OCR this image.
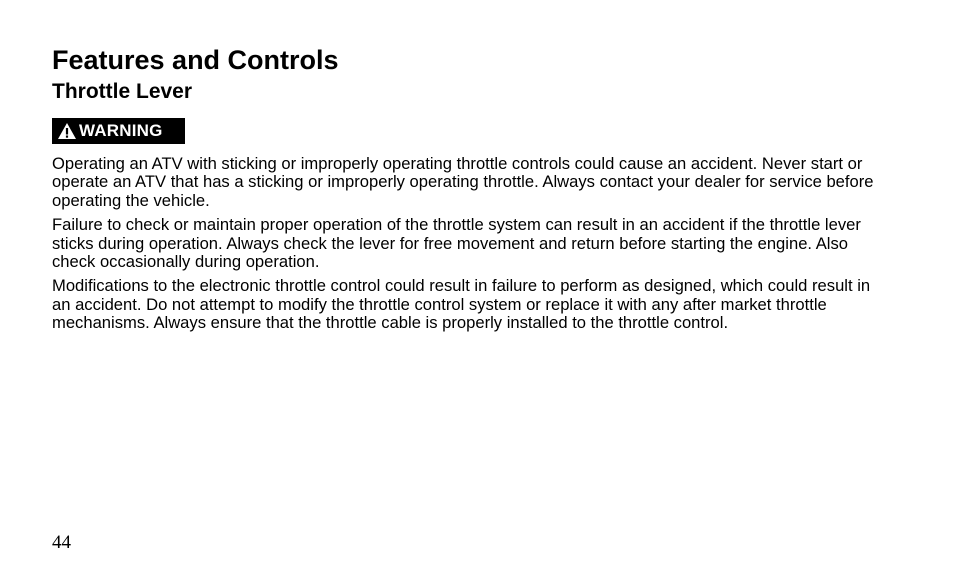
Features and Controls
Throttle Lever
WARNING

Operating an ATV with sticking or improperly operating throttle controls could cause an accident. Never start or operate an ATV that has a sticking or improperly operating throttle. Always contact your dealer for service before operating the vehicle.

Failure to check or maintain proper operation of the throttle system can result in an accident if the throttle lever sticks during operation. Always check the lever for free movement and return before starting the engine. Also check occasionally during operation.

Modifications to the electronic throttle control could result in failure to perform as designed, which could result in an accident. Do not attempt to modify the throttle control system or replace it with any after market throttle mechanisms. Always ensure that the throttle cable is properly installed to the throttle control.

44
